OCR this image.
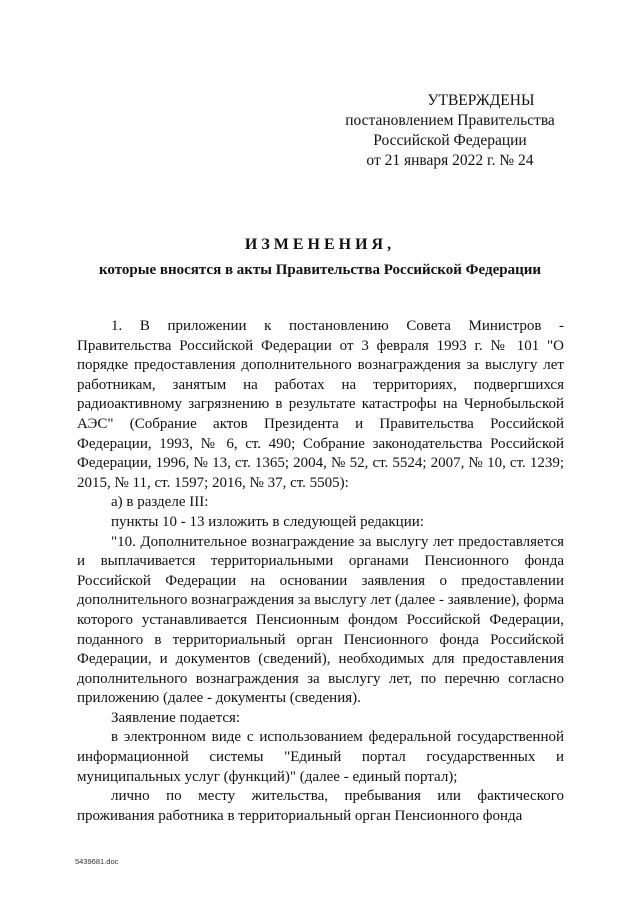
УТВЕРЖДЕНЫ
постановлением Правительства
Российской Федерации
от 21 января 2022 г. № 24
ИЗМЕНЕНИЯ,
которые вносятся в акты Правительства Российской Федерации

1. В приложении к постановлению Совета Министров - Правительства Российской Федерации от 3 февраля 1993 г. № 101 "О порядке предоставления дополнительного вознаграждения за выслугу лет работникам, занятым на работах на территориях, подвергшихся радиоактивному загрязнению в результате катастрофы на Чернобыльской АЭС" (Собрание актов Президента и Правительства Российской Федерации, 1993, № 6, ст. 490; Собрание законодательства Российской Федерации, 1996, № 13, ст. 1365; 2004, № 52, ст. 5524; 2007, № 10, ст. 1239; 2015, № 11, ст. 1597; 2016, № 37, ст. 5505):

а) в разделе III:

пункты 10 - 13 изложить в следующей редакции:

"10. Дополнительное вознаграждение за выслугу лет предоставляется и выплачивается территориальными органами Пенсионного фонда Российской Федерации на основании заявления о предоставлении дополнительного вознаграждения за выслугу лет (далее - заявление), форма которого устанавливается Пенсионным фондом Российской Федерации, поданного в территориальный орган Пенсионного фонда Российской Федерации, и документов (сведений), необходимых для предоставления дополнительного вознаграждения за выслугу лет, по перечню согласно приложению (далее - документы (сведения).

Заявление подается:

в электронном виде с использованием федеральной государственной информационной системы "Единый портал государственных и муниципальных услуг (функций)" (далее - единый портал);

лично по месту жительства, пребывания или фактического проживания работника в территориальный орган Пенсионного фонда

5439681.doc
